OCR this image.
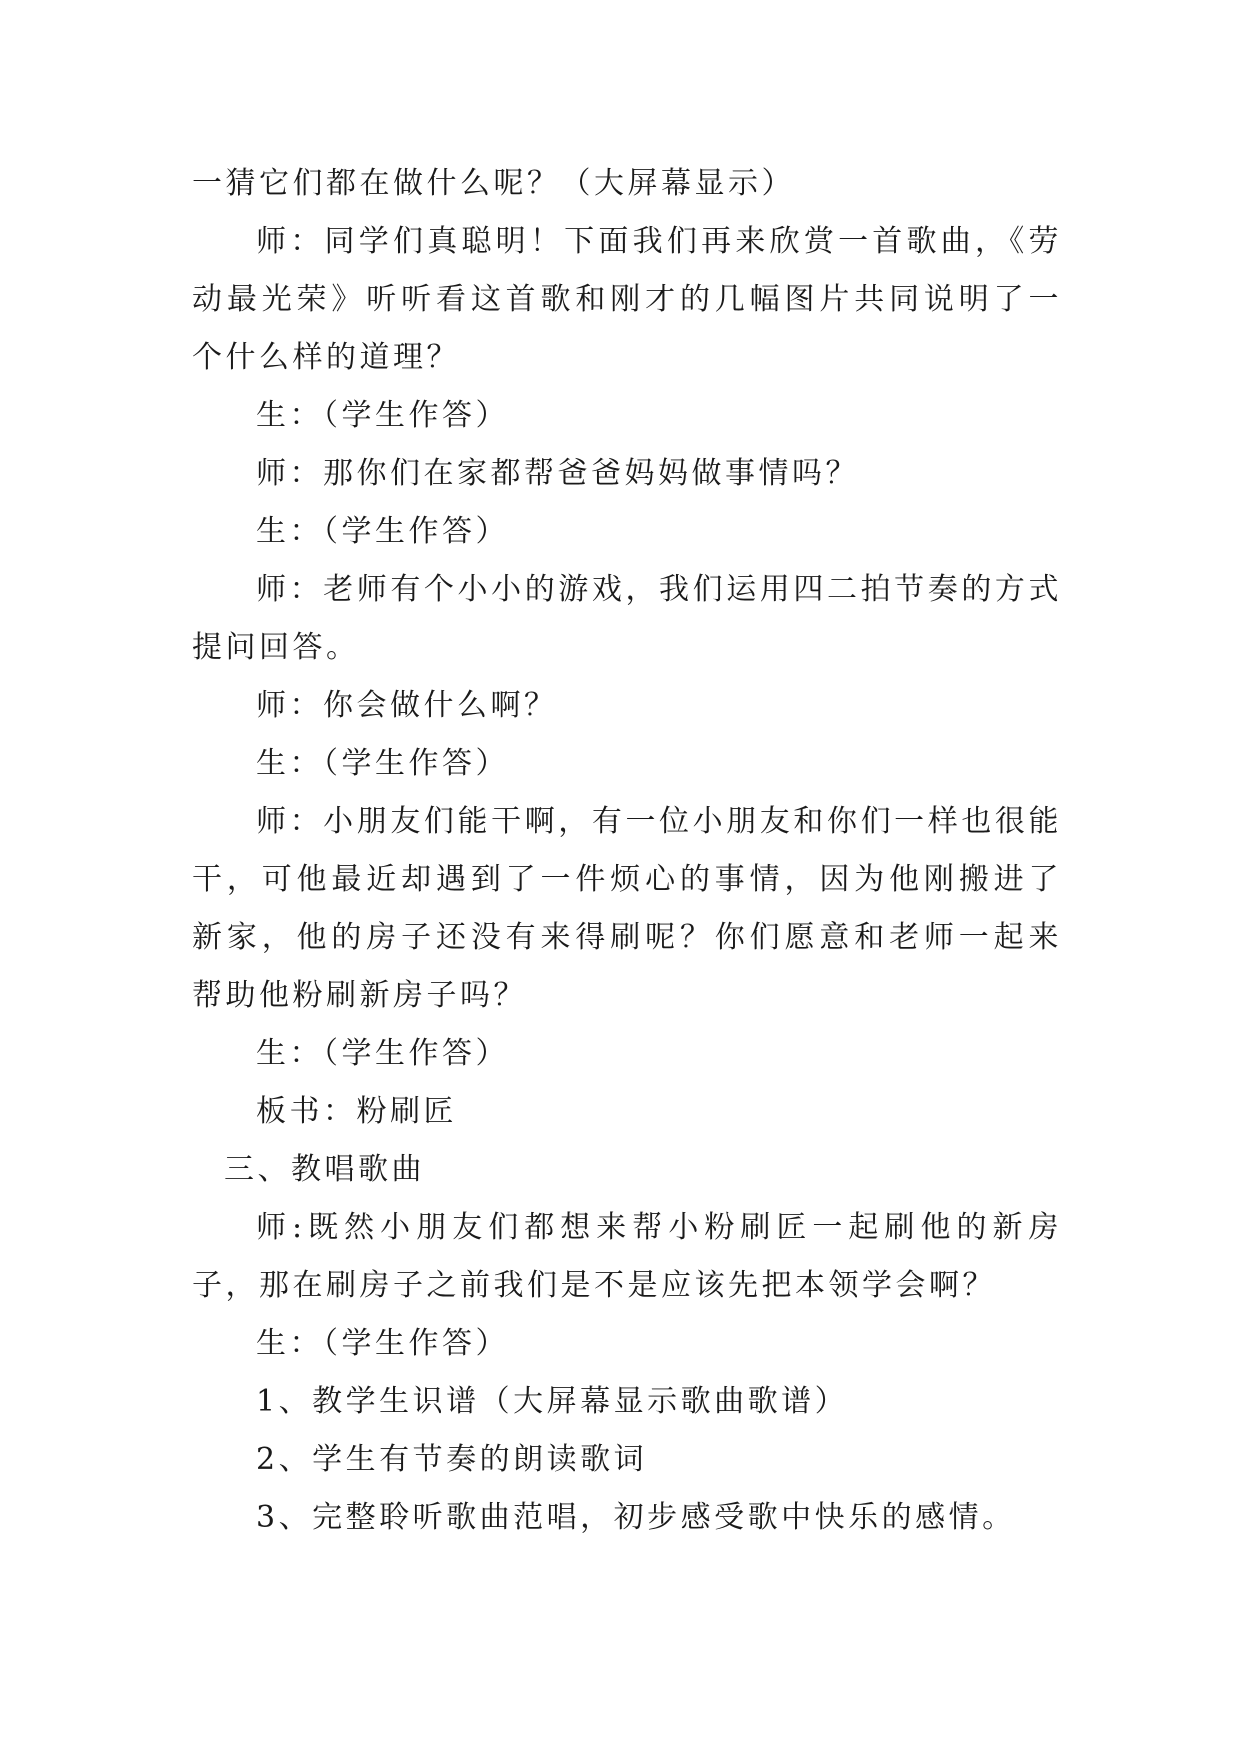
一猜它们都在做什么呢？（大屏幕显示）

师：同学们真聪明！下面我们再来欣赏一首歌曲，《劳动最光荣》听听看这首歌和刚才的几幅图片共同说明了一个什么样的道理？

生：（学生作答）

师：那你们在家都帮爸爸妈妈做事情吗？

生：（学生作答）

师：老师有个小小的游戏，我们运用四二拍节奏的方式提问回答。

师：你会做什么啊？

生：（学生作答）

师：小朋友们能干啊，有一位小朋友和你们一样也很能干，可他最近却遇到了一件烦心的事情，因为他刚搬进了新家，他的房子还没有来得刷呢？你们愿意和老师一起来帮助他粉刷新房子吗？

生：（学生作答）

板书：粉刷匠

三、教唱歌曲

师:既然小朋友们都想来帮小粉刷匠一起刷他的新房子，那在刷房子之前我们是不是应该先把本领学会啊？

生：（学生作答）

1、教学生识谱（大屏幕显示歌曲歌谱）

2、学生有节奏的朗读歌词

3、完整聆听歌曲范唱，初步感受歌中快乐的感情。
